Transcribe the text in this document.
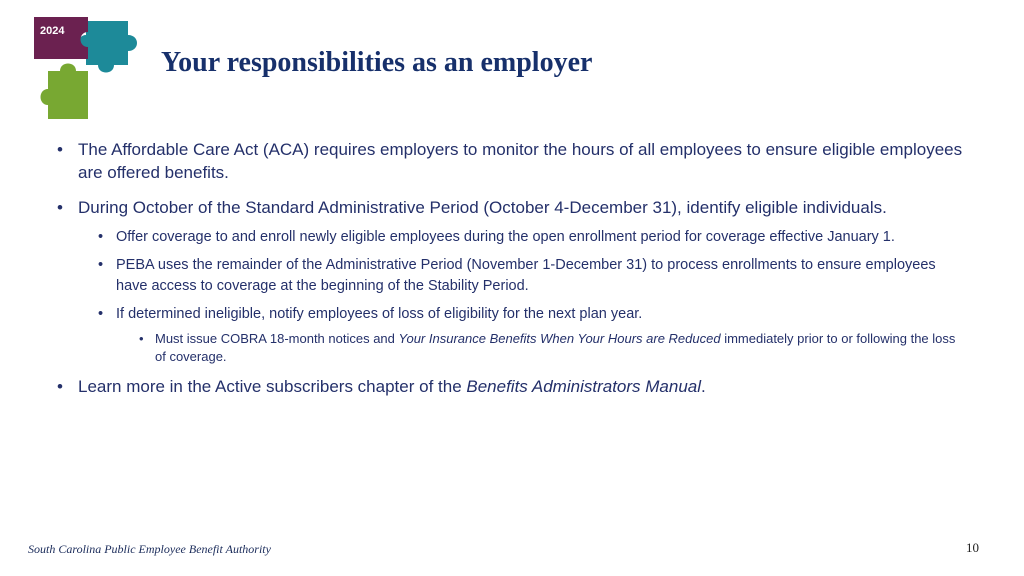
2024
Your responsibilities as an employer
• The Affordable Care Act (ACA) requires employers to monitor the hours of all employees to ensure eligible employees are offered benefits.
• During October of the Standard Administrative Period (October 4-December 31), identify eligible individuals.
• Offer coverage to and enroll newly eligible employees during the open enrollment period for coverage effective January 1.
• PEBA uses the remainder of the Administrative Period (November 1-December 31) to process enrollments to ensure employees have access to coverage at the beginning of the Stability Period.
• If determined ineligible, notify employees of loss of eligibility for the next plan year.
• Must issue COBRA 18-month notices and Your Insurance Benefits When Your Hours are Reduced immediately prior to or following the loss of coverage.
• Learn more in the Active subscribers chapter of the Benefits Administrators Manual.
South Carolina Public Employee Benefit Authority	10
